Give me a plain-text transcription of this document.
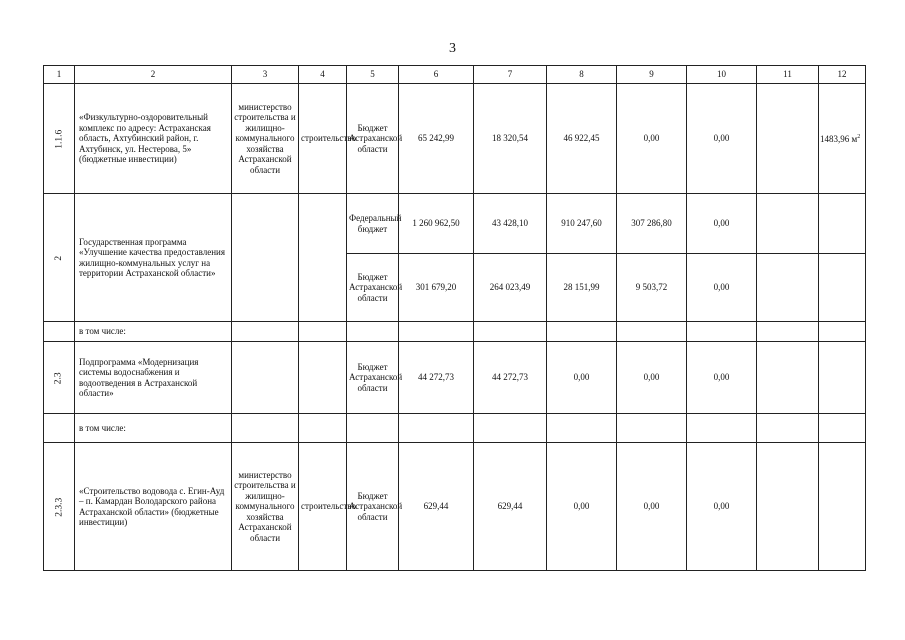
3
1	2	3	4	5	6	7	8	9	10	11	12
1.1.6	«Физкультурно-оздоровительный комплекс по адресу: Астраханская область, Ахтубинский район, г. Ахтубинск, ул. Нестерова, 5» (бюджетные инвестиции)	министерство строительства и жилищно-коммунального хозяйства Астраханской области	строительство	Бюджет Астраханской области	65 242,99	18 320,54	46 922,45	0,00	0,00		1483,96 $м^2$
2	Государственная программа «Улучшение качества предоставления жилищно-коммунальных услуг на территории Астраханской области»			Федеральный бюджет	1 260 962,50	43 428,10	910 247,60	307 286,80	0,00		
				Бюджет Астраханской области	301 679,20	264 023,49	28 151,99	9 503,72	0,00		
	в том числе:										
2.3	Подпрограмма «Модернизация системы водоснабжения и водоотведения в Астраханской области»			Бюджет Астраханской области	44 272,73	44 272,73	0,00	0,00	0,00		
	в том числе:										
2.3.3	«Строительство водовода с. Егин-Ауд – п. Камардан Володарского района Астраханской области» (бюджетные инвестиции)	министерство строительства и жилищно-коммунального хозяйства Астраханской области	строительство	Бюджет Астраханской области	629,44	629,44	0,00	0,00	0,00		
